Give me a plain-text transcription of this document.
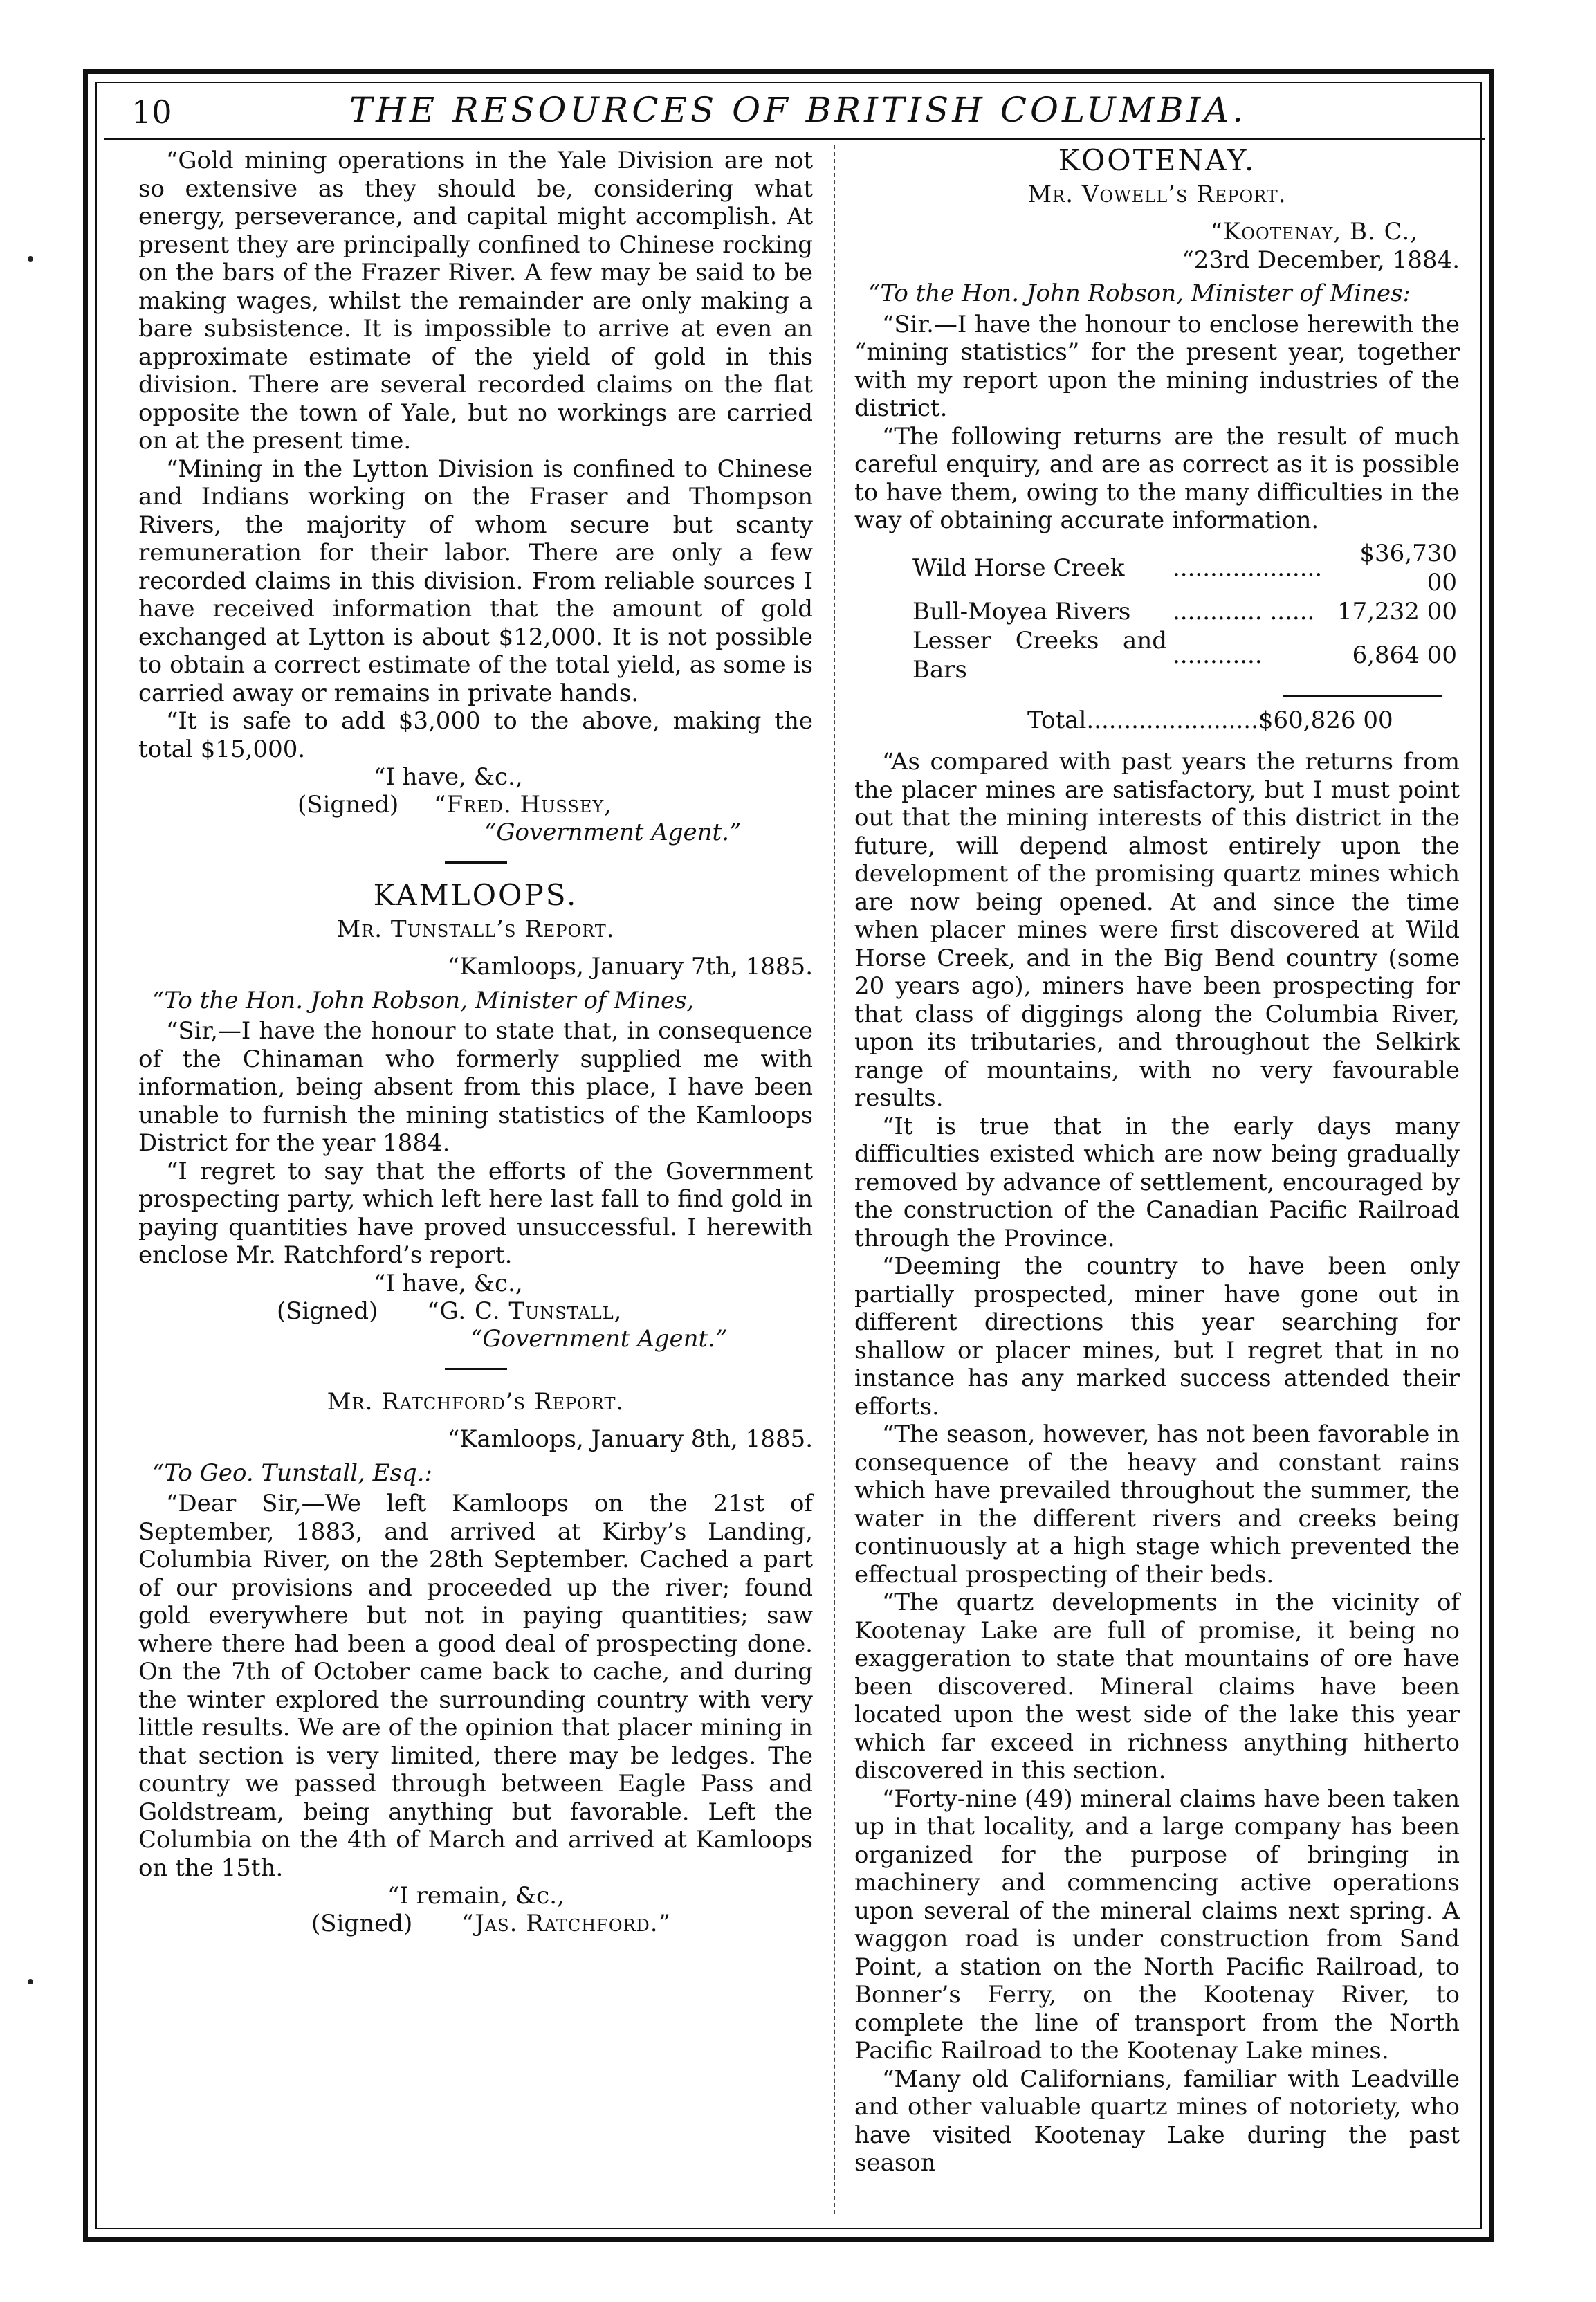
10	THE RESOURCES OF BRITISH COLUMBIA.

“Gold mining operations in the Yale Division are not so extensive as they should be, considering what energy, perseverance, and capital might accomplish. At present they are principally confined to Chinese rocking on the bars of the Frazer River. A few may be said to be making wages, whilst the remainder are only making a bare subsistence. It is impossible to arrive at even an approximate estimate of the yield of gold in this division. There are several recorded claims on the flat opposite the town of Yale, but no workings are carried on at the present time.

“Mining in the Lytton Division is confined to Chinese and Indians working on the Fraser and Thompson Rivers, the majority of whom secure but scanty remuneration for their labor. There are only a few recorded claims in this division. From reliable sources I have received information that the amount of gold exchanged at Lytton is about $12,000. It is not possible to obtain a correct estimate of the total yield, as some is carried away or remains in private hands.

“It is safe to add $3,000 to the above, making the total $15,000.

“I have, &c.,
(Signed) “Fred. Hussey,
“Government Agent.”
KAMLOOPS.
Mr. Tunstall’s Report.
“Kamloops, January 7th, 1885.
“To the Hon. John Robson, Minister of Mines,

“Sir,—I have the honour to state that, in consequence of the Chinaman who formerly supplied me with information, being absent from this place, I have been unable to furnish the mining statistics of the Kamloops District for the year 1884.

“I regret to say that the efforts of the Government prospecting party, which left here last fall to find gold in paying quantities have proved unsuccessful. I herewith enclose Mr. Ratchford’s report.

“I have, &c.,
(Signed) “G. C. Tunstall,
“Government Agent.”
Mr. Ratchford’s Report.
“Kamloops, January 8th, 1885.
“To Geo. Tunstall, Esq.:

“Dear Sir,—We left Kamloops on the 21st of September, 1883, and arrived at Kirby’s Landing, Columbia River, on the 28th September. Cached a part of our provisions and proceeded up the river; found gold everywhere but not in paying quantities; saw where there had been a good deal of prospecting done. On the 7th of October came back to cache, and during the winter explored the surrounding country with very little results. We are of the opinion that placer mining in that section is very limited, there may be ledges. The country we passed through between Eagle Pass and Goldstream, being anything but favorable. Left the Columbia on the 4th of March and arrived at Kamloops on the 15th.

“I remain, &c.,
(Signed) “Jas. Ratchford.”
KOOTENAY.
Mr. Vowell’s Report.
“Kootenay, B. C.,
“23rd December, 1884.
“To the Hon. John Robson, Minister of Mines:

“Sir.—I have the honour to enclose herewith the “mining statistics” for the present year, together with my report upon the mining industries of the district.

“The following returns are the result of much careful enquiry, and are as correct as it is possible to have them, owing to the many difficulties in the way of obtaining accurate information.

Wild Horse Creek	....................	$36,730 00
Bull-Moyea Rivers	............ ......	17,232 00
Lesser Creeks and Bars	............	6,864 00
Total.......................$60,826 00

“As compared with past years the returns from the placer mines are satisfactory, but I must point out that the mining interests of this district in the future, will depend almost entirely upon the development of the promising quartz mines which are now being opened. At and since the time when placer mines were first discovered at Wild Horse Creek, and in the Big Bend country (some 20 years ago), miners have been prospecting for that class of diggings along the Columbia River, upon its tributaries, and throughout the Selkirk range of mountains, with no very favourable results.

“It is true that in the early days many difficulties existed which are now being gradually removed by advance of settlement, encouraged by the construction of the Canadian Pacific Railroad through the Province.

“Deeming the country to have been only partially prospected, miner have gone out in different directions this year searching for shallow or placer mines, but I regret that in no instance has any marked success attended their efforts.

“The season, however, has not been favorable in consequence of the heavy and constant rains which have prevailed throughout the summer, the water in the different rivers and creeks being continuously at a high stage which prevented the effectual prospecting of their beds.

“The quartz developments in the vicinity of Kootenay Lake are full of promise, it being no exaggeration to state that mountains of ore have been discovered. Mineral claims have been located upon the west side of the lake this year which far exceed in richness anything hitherto discovered in this section.

“Forty-nine (49) mineral claims have been taken up in that locality, and a large company has been organized for the purpose of bringing in machinery and commencing active operations upon several of the mineral claims next spring. A waggon road is under construction from Sand Point, a station on the North Pacific Railroad, to Bonner’s Ferry, on the Kootenay River, to complete the line of transport from the North Pacific Railroad to the Kootenay Lake mines.

“Many old Californians, familiar with Leadville and other valuable quartz mines of notoriety, who have visited Kootenay Lake during the past season
